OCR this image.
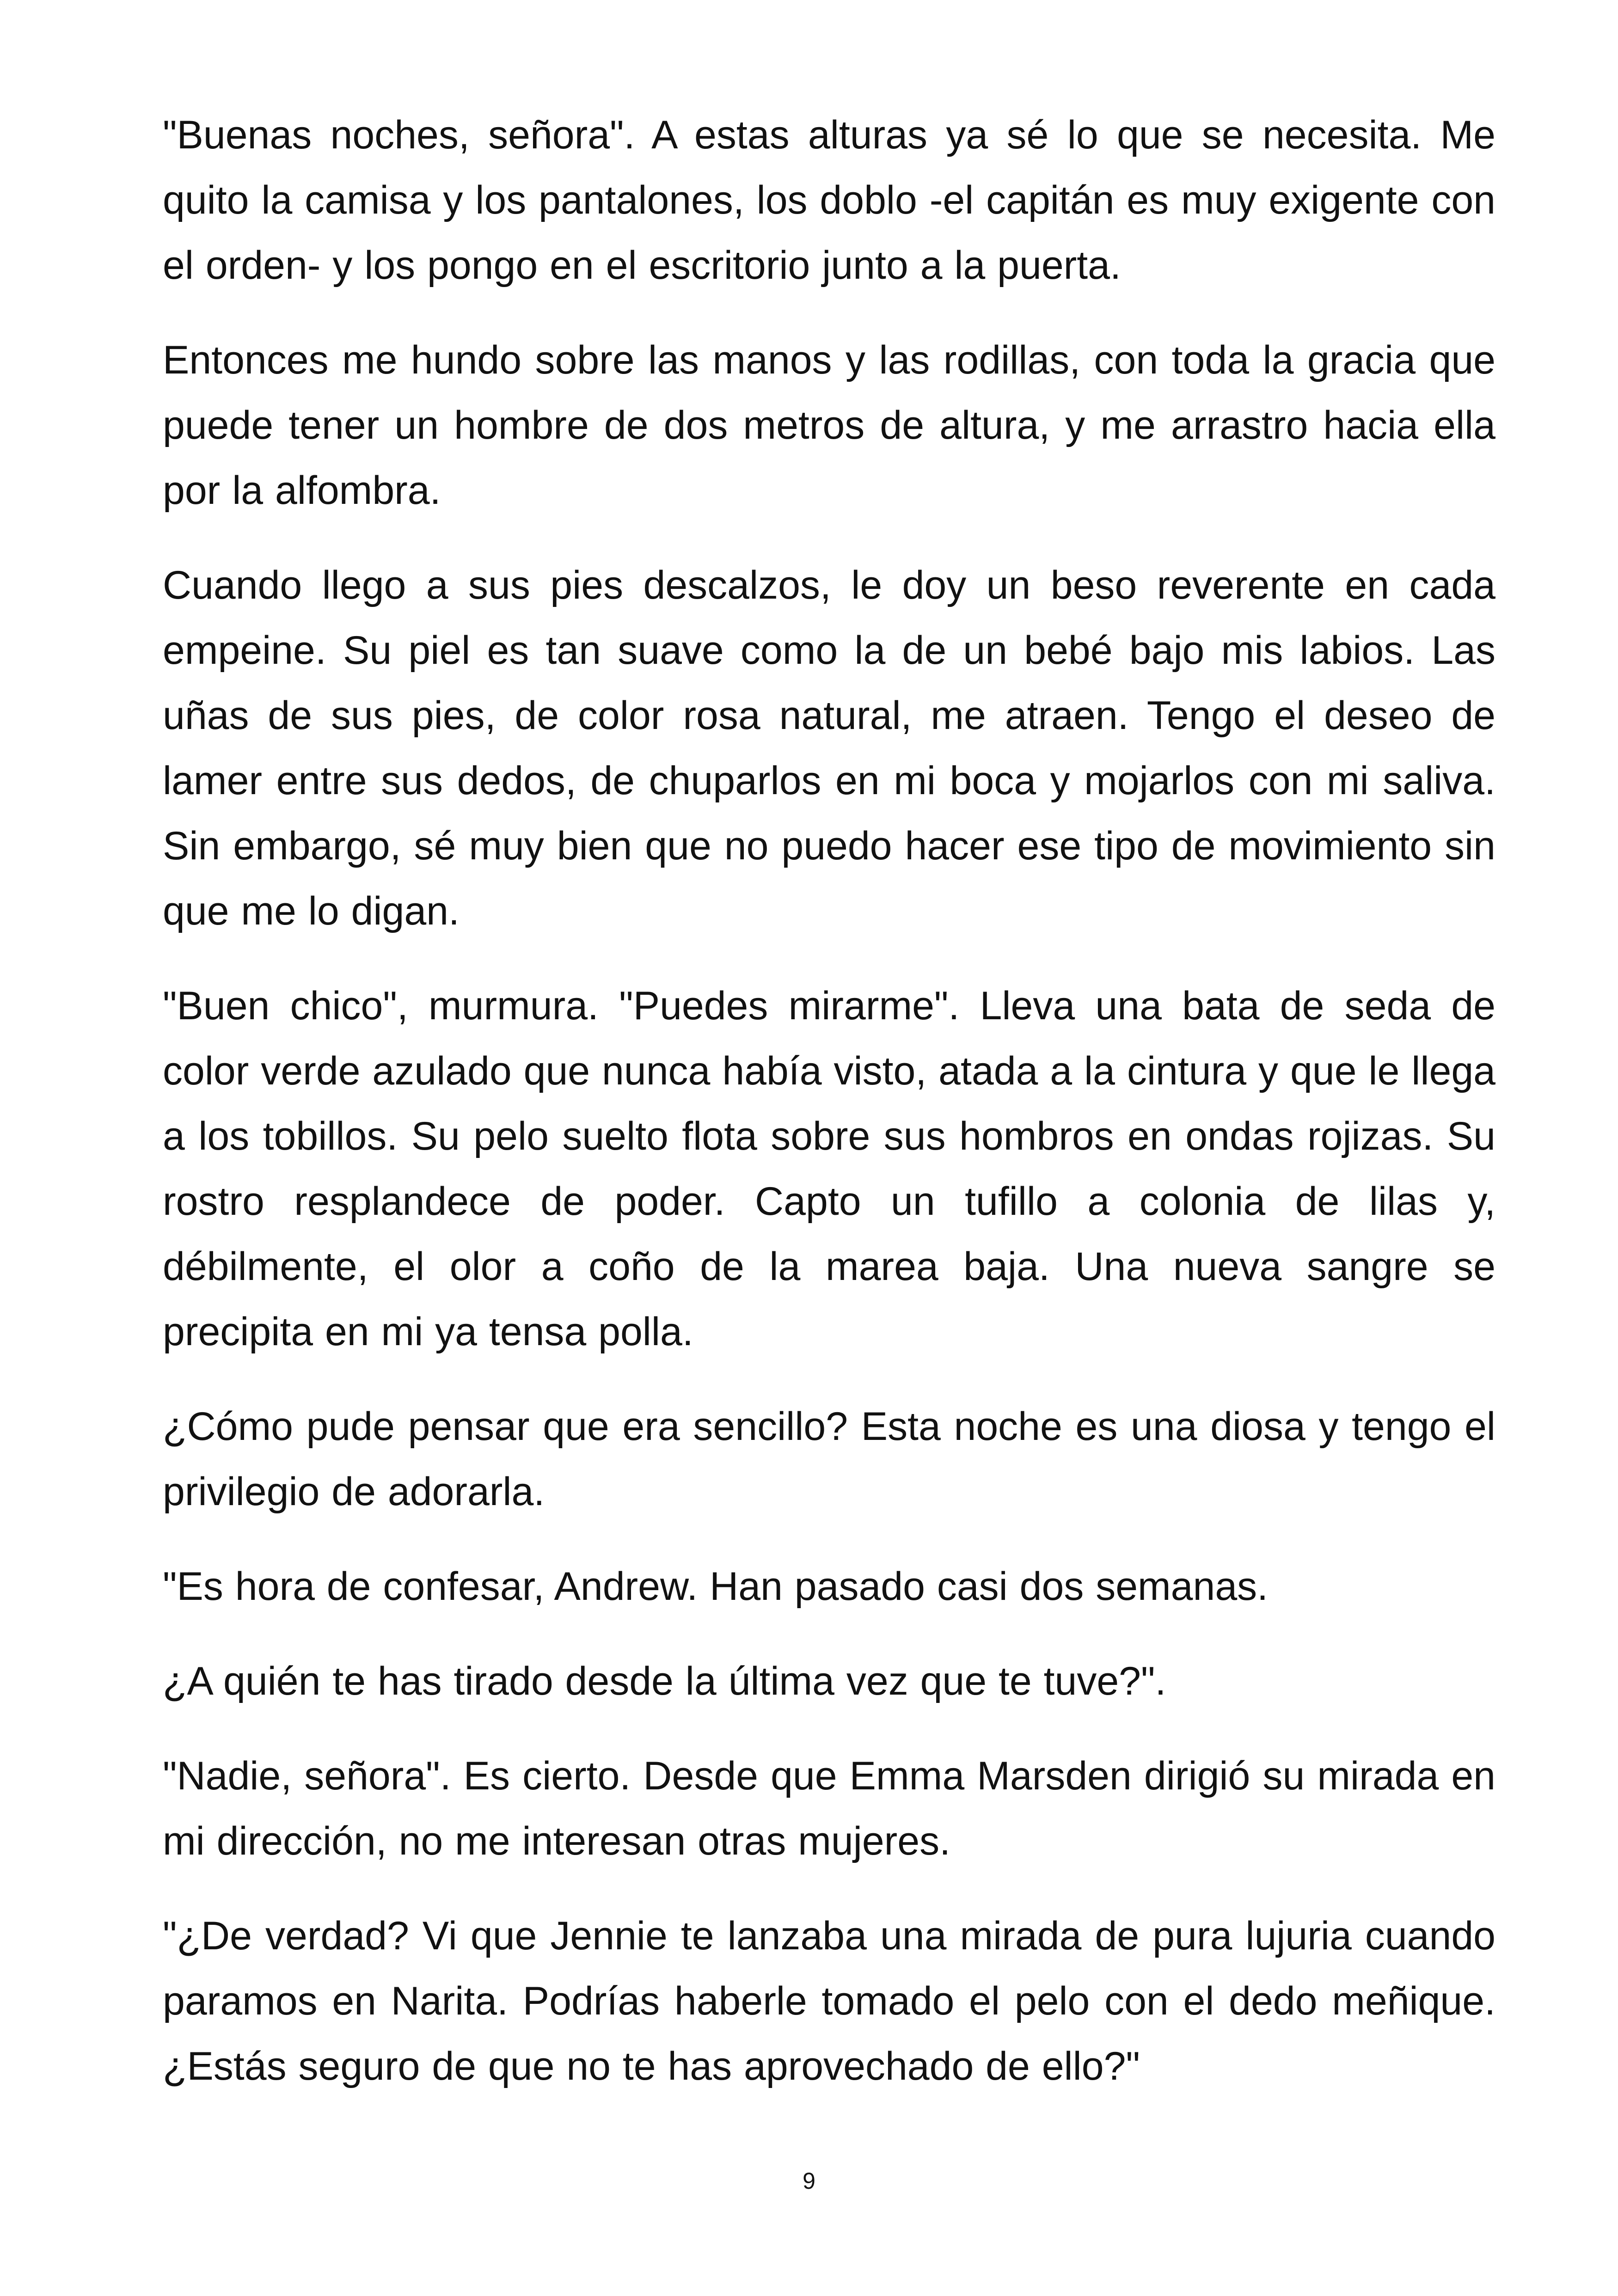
"Buenas noches, señora". A estas alturas ya sé lo que se necesita. Me quito la camisa y los pantalones, los doblo -el capitán es muy exigente con el orden- y los pongo en el escritorio junto a la puerta.

Entonces me hundo sobre las manos y las rodillas, con toda la gracia que puede tener un hombre de dos metros de altura, y me arrastro hacia ella por la alfombra.

Cuando llego a sus pies descalzos, le doy un beso reverente en cada empeine. Su piel es tan suave como la de un bebé bajo mis labios. Las uñas de sus pies, de color rosa natural, me atraen. Tengo el deseo de lamer entre sus dedos, de chuparlos en mi boca y mojarlos con mi saliva. Sin embargo, sé muy bien que no puedo hacer ese tipo de movimiento sin que me lo digan.

"Buen chico", murmura. "Puedes mirarme". Lleva una bata de seda de color verde azulado que nunca había visto, atada a la cintura y que le llega a los tobillos. Su pelo suelto flota sobre sus hombros en ondas rojizas. Su rostro resplandece de poder. Capto un tufillo a colonia de lilas y, débilmente, el olor a coño de la marea baja. Una nueva sangre se precipita en mi ya tensa polla.

¿Cómo pude pensar que era sencillo? Esta noche es una diosa y tengo el privilegio de adorarla.

"Es hora de confesar, Andrew. Han pasado casi dos semanas.

¿A quién te has tirado desde la última vez que te tuve?".

"Nadie, señora". Es cierto. Desde que Emma Marsden dirigió su mirada en mi dirección, no me interesan otras mujeres.

"¿De verdad? Vi que Jennie te lanzaba una mirada de pura lujuria cuando paramos en Narita. Podrías haberle tomado el pelo con el dedo meñique. ¿Estás seguro de que no te has aprovechado de ello?"

9
